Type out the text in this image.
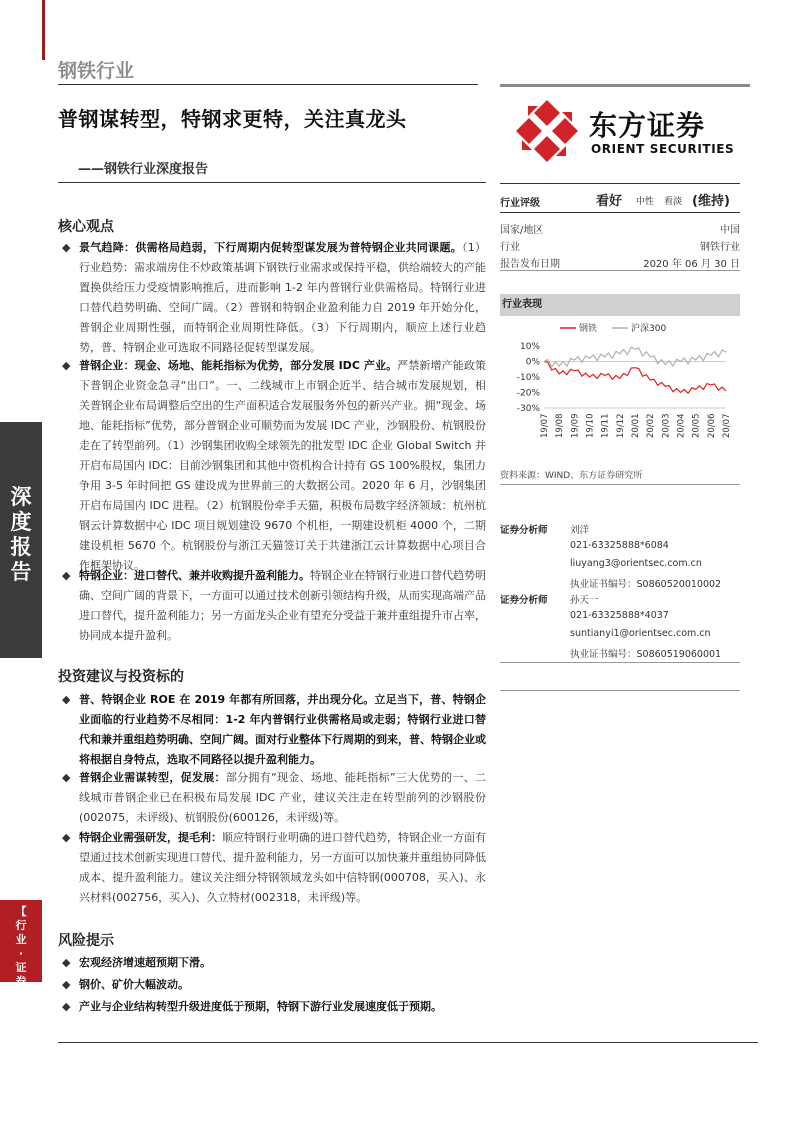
深
度
报
告
【
行
业
·
证
券
钢铁行业
普钢谋转型，特钢求更特，关注真龙头
——钢铁行业深度报告
东方证券
ORIENT SECURITIES
行业评级	看好 中性 看淡 (维持)
国家/地区	中国
行业	钢铁行业
报告发布日期	2020 年 06 月 30 日
行业表现
钢铁	沪深300
10%
0%
-10%
-20%
-30%
19/07 19/08 19/09 19/10 19/11 19/12 20/01 20/02 20/03 20/04 20/05 20/06 20/07
资料来源：WIND、东方证券研究所
证券分析师 刘洋
021-63325888*6084
liuyang3@orientsec.com.cn
执业证书编号：S0860520010002
证券分析师 孙天一
021-63325888*4037
suntianyi1@orientsec.com.cn
执业证书编号：S0860519060001
核心观点
◆ 景气趋降：供需格局趋弱，下行周期内促转型谋发展为普特钢企业共同课题。（1）行业趋势：需求端房住不炒政策基调下钢铁行业需求或保持平稳，供给端较大的产能置换供给压力受疫情影响推后，进而影响 1-2 年内普钢行业供需格局。特钢行业进口替代趋势明确、空间广阔。（2）普钢和特钢企业盈利能力自 2019 年开始分化，普钢企业周期性强，而特钢企业周期性降低。（3）下行周期内，顺应上述行业趋势，普、特钢企业可选取不同路径促转型谋发展。

◆ 普钢企业：现金、场地、能耗指标为优势，部分发展 IDC 产业。严禁新增产能政策下普钢企业资金急寻“出口”。一、二线城市上市钢企近半、结合城市发展规划，相关普钢企业布局调整后空出的生产面积适合发展服务外包的新兴产业。拥“现金、场地、能耗指标”优势，部分普钢企业可顺势而为发展 IDC 产业，沙钢股份、杭钢股份走在了转型前列。（1）沙钢集团收购全球领先的批发型 IDC 企业 Global Switch 并开启布局国内 IDC：目前沙钢集团和其他中资机构合计持有 GS 100%股权，集团力争用 3-5 年时间把 GS 建设成为世界前三的大数据公司。2020 年 6 月，沙钢集团开启布局国内 IDC 进程。（2）杭钢股份牵手天猫，积极布局数字经济领域：杭州杭钢云计算数据中心 IDC 项目规划建设 9670 个机柜，一期建设机柜 4000 个，二期建设机柜 5670 个。杭钢股份与浙江天猫签订关于共建浙江云计算数据中心项目合作框架协议。

◆ 特钢企业：进口替代、兼并收购提升盈利能力。特钢企业在特钢行业进口替代趋势明确、空间广阔的背景下，一方面可以通过技术创新引领结构升级，从而实现高端产品进口替代，提升盈利能力；另一方面龙头企业有望充分受益于兼并重组提升市占率，协同成本提升盈利。

投资建议与投资标的
◆ 普、特钢企业 ROE 在 2019 年都有所回落，并出现分化。立足当下，普、特钢企业面临的行业趋势不尽相同：1-2 年内普钢行业供需格局或走弱；特钢行业进口替代和兼并重组趋势明确、空间广阔。面对行业整体下行周期的到来，普、特钢企业或将根据自身特点，选取不同路径以提升盈利能力。

◆ 普钢企业需谋转型，促发展：部分拥有“现金、场地、能耗指标”三大优势的一、二线城市普钢企业已在积极布局发展 IDC 产业，建议关注走在转型前列的沙钢股份(002075，未评级)、杭钢股份(600126，未评级)等。

◆ 特钢企业需强研发，提毛利：顺应特钢行业明确的进口替代趋势，特钢企业一方面有望通过技术创新实现进口替代、提升盈利能力，另一方面可以加快兼并重组协同降低成本、提升盈利能力。建议关注细分特钢领域龙头如中信特钢(000708，买入)、永兴材料(002756，买入)、久立特材(002318，未评级)等。

风险提示
◆ 宏观经济增速超预期下滑。

◆ 钢价、矿价大幅波动。

◆ 产业与企业结构转型升级进度低于预期，特钢下游行业发展速度低于预期。
